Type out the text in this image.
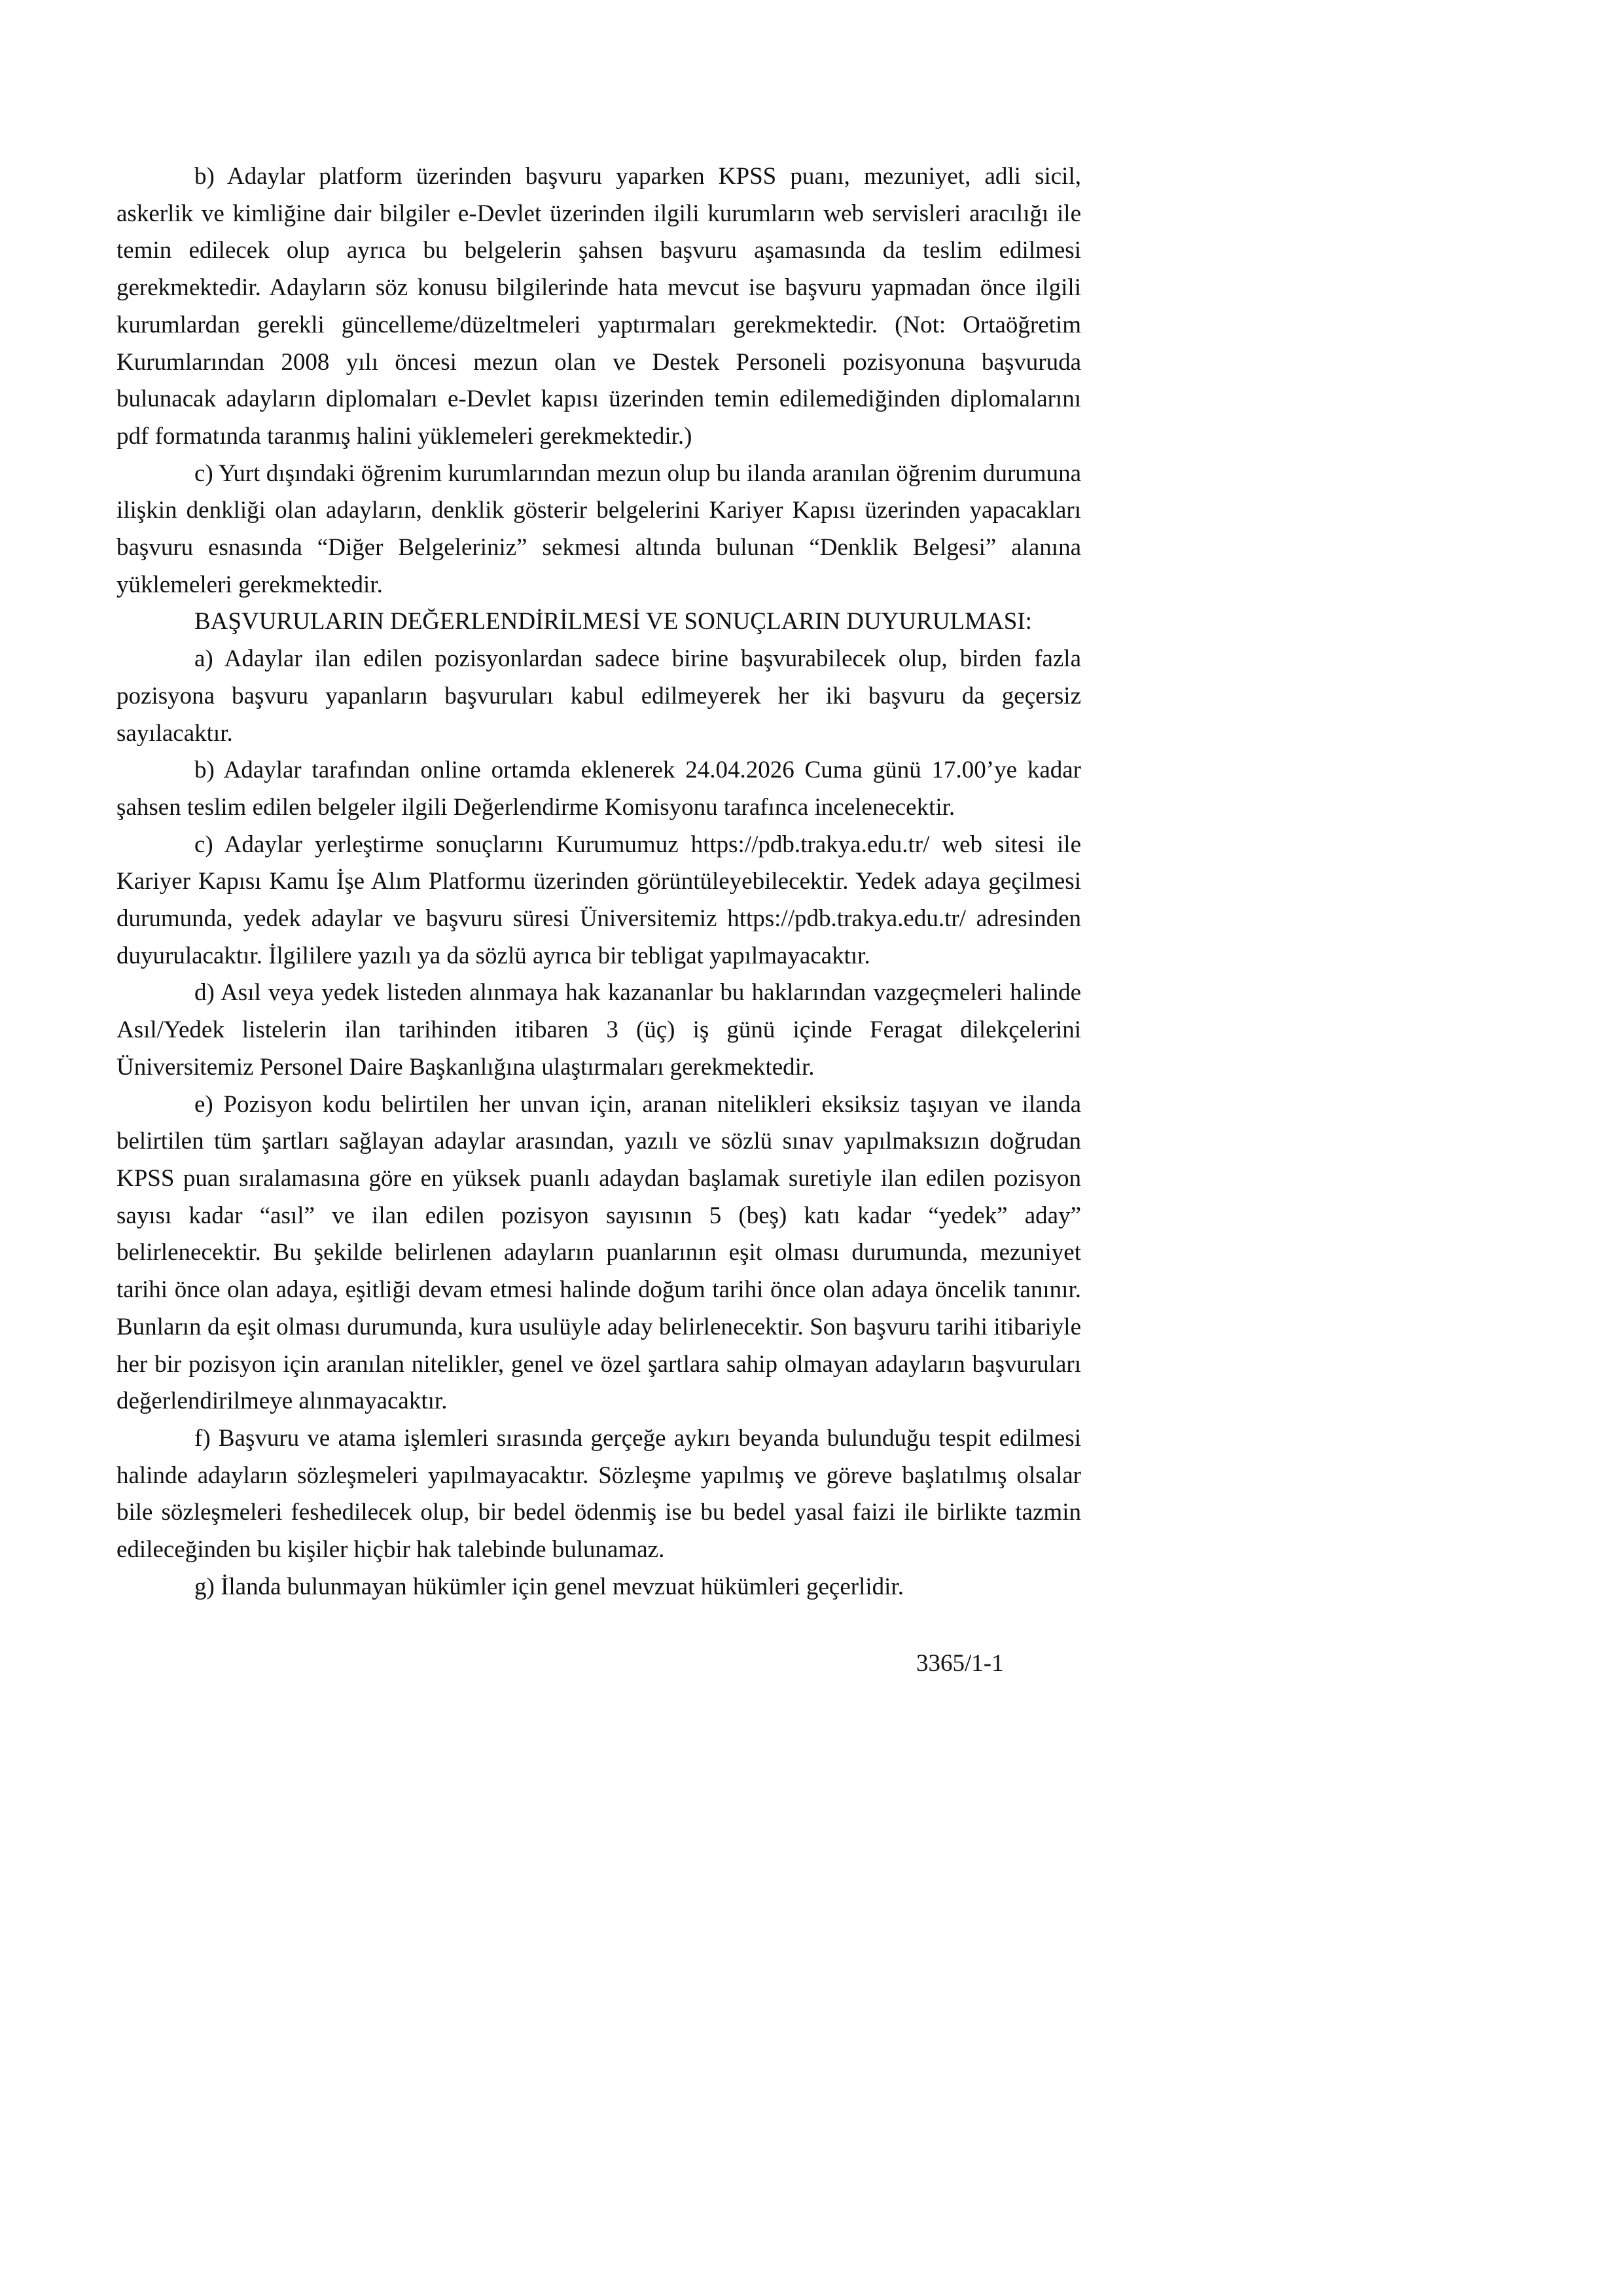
b) Adaylar platform üzerinden başvuru yaparken KPSS puanı, mezuniyet, adli sicil, askerlik ve kimliğine dair bilgiler e-Devlet üzerinden ilgili kurumların web servisleri aracılığı ile temin edilecek olup ayrıca bu belgelerin şahsen başvuru aşamasında da teslim edilmesi gerekmektedir. Adayların söz konusu bilgilerinde hata mevcut ise başvuru yapmadan önce ilgili kurumlardan gerekli güncelleme/düzeltmeleri yaptırmaları gerekmektedir. (Not: Ortaöğretim Kurumlarından 2008 yılı öncesi mezun olan ve Destek Personeli pozisyonuna başvuruda bulunacak adayların diplomaları e-Devlet kapısı üzerinden temin edilemediğinden diplomalarını pdf formatında taranmış halini yüklemeleri gerekmektedir.)

c) Yurt dışındaki öğrenim kurumlarından mezun olup bu ilanda aranılan öğrenim durumuna ilişkin denkliği olan adayların, denklik gösterir belgelerini Kariyer Kapısı üzerinden yapacakları başvuru esnasında “Diğer Belgeleriniz” sekmesi altında bulunan “Denklik Belgesi” alanına yüklemeleri gerekmektedir.

BAŞVURULARIN DEĞERLENDİRİLMESİ VE SONUÇLARIN DUYURULMASI:

a) Adaylar ilan edilen pozisyonlardan sadece birine başvurabilecek olup, birden fazla pozisyona başvuru yapanların başvuruları kabul edilmeyerek her iki başvuru da geçersiz sayılacaktır.

b) Adaylar tarafından online ortamda eklenerek 24.04.2026 Cuma günü 17.00’ye kadar şahsen teslim edilen belgeler ilgili Değerlendirme Komisyonu tarafınca incelenecektir.

c) Adaylar yerleştirme sonuçlarını Kurumumuz https://pdb.trakya.edu.tr/ web sitesi ile Kariyer Kapısı Kamu İşe Alım Platformu üzerinden görüntüleyebilecektir. Yedek adaya geçilmesi durumunda, yedek adaylar ve başvuru süresi Üniversitemiz https://pdb.trakya.edu.tr/ adresinden duyurulacaktır. İlgililere yazılı ya da sözlü ayrıca bir tebligat yapılmayacaktır.

d) Asıl veya yedek listeden alınmaya hak kazananlar bu haklarından vazgeçmeleri halinde Asıl/Yedek listelerin ilan tarihinden itibaren 3 (üç) iş günü içinde Feragat dilekçelerini Üniversitemiz Personel Daire Başkanlığına ulaştırmaları gerekmektedir.

e) Pozisyon kodu belirtilen her unvan için, aranan nitelikleri eksiksiz taşıyan ve ilanda belirtilen tüm şartları sağlayan adaylar arasından, yazılı ve sözlü sınav yapılmaksızın doğrudan KPSS puan sıralamasına göre en yüksek puanlı adaydan başlamak suretiyle ilan edilen pozisyon sayısı kadar “asıl” ve ilan edilen pozisyon sayısının 5 (beş) katı kadar “yedek” aday” belirlenecektir. Bu şekilde belirlenen adayların puanlarının eşit olması durumunda, mezuniyet tarihi önce olan adaya, eşitliği devam etmesi halinde doğum tarihi önce olan adaya öncelik tanınır. Bunların da eşit olması durumunda, kura usulüyle aday belirlenecektir. Son başvuru tarihi itibariyle her bir pozisyon için aranılan nitelikler, genel ve özel şartlara sahip olmayan adayların başvuruları değerlendirilmeye alınmayacaktır.

f) Başvuru ve atama işlemleri sırasında gerçeğe aykırı beyanda bulunduğu tespit edilmesi halinde adayların sözleşmeleri yapılmayacaktır. Sözleşme yapılmış ve göreve başlatılmış olsalar bile sözleşmeleri feshedilecek olup, bir bedel ödenmiş ise bu bedel yasal faizi ile birlikte tazmin edileceğinden bu kişiler hiçbir hak talebinde bulunamaz.

g) İlanda bulunmayan hükümler için genel mevzuat hükümleri geçerlidir.

3365/1-1
